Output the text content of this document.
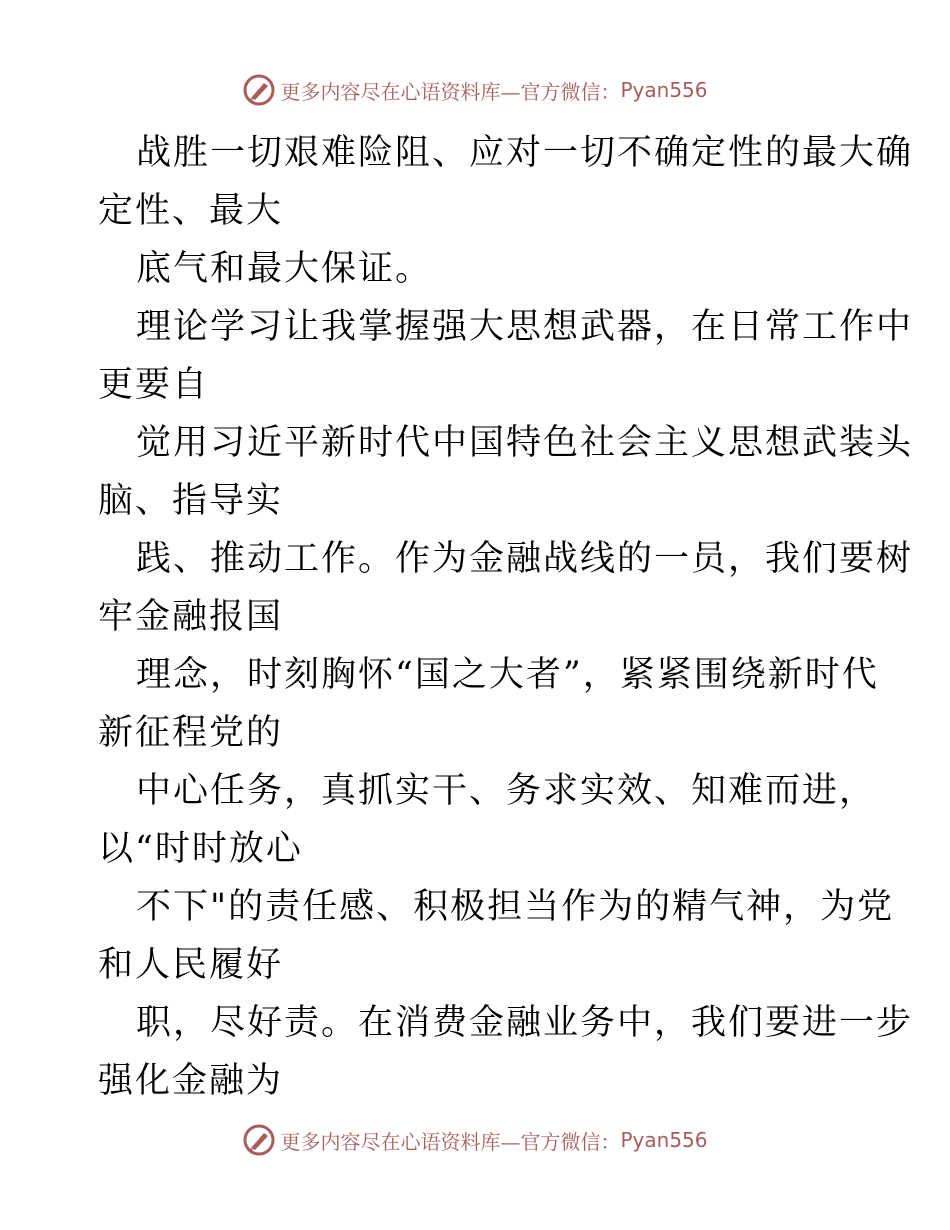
更多内容尽在心语资料库—官方微信： Pyan556
战胜一切艰难险阻、应对一切不确定性的最大确
定性、最大
底气和最大保证。
理论学习让我掌握强大思想武器，在日常工作中
更要自
觉用习近平新时代中国特色社会主义思想武装头
脑、指导实
践、推动工作。作为金融战线的一员，我们要树
牢金融报国
理念，时刻胸怀“国之大者”，紧紧围绕新时代
新征程党的
中心任务，真抓实干、务求实效、知难而进，
以“时时放心
不下"的责任感、积极担当作为的精气神，为党
和人民履好
职，尽好责。在消费金融业务中，我们要进一步
强化金融为
更多内容尽在心语资料库—官方微信： Pyan556
